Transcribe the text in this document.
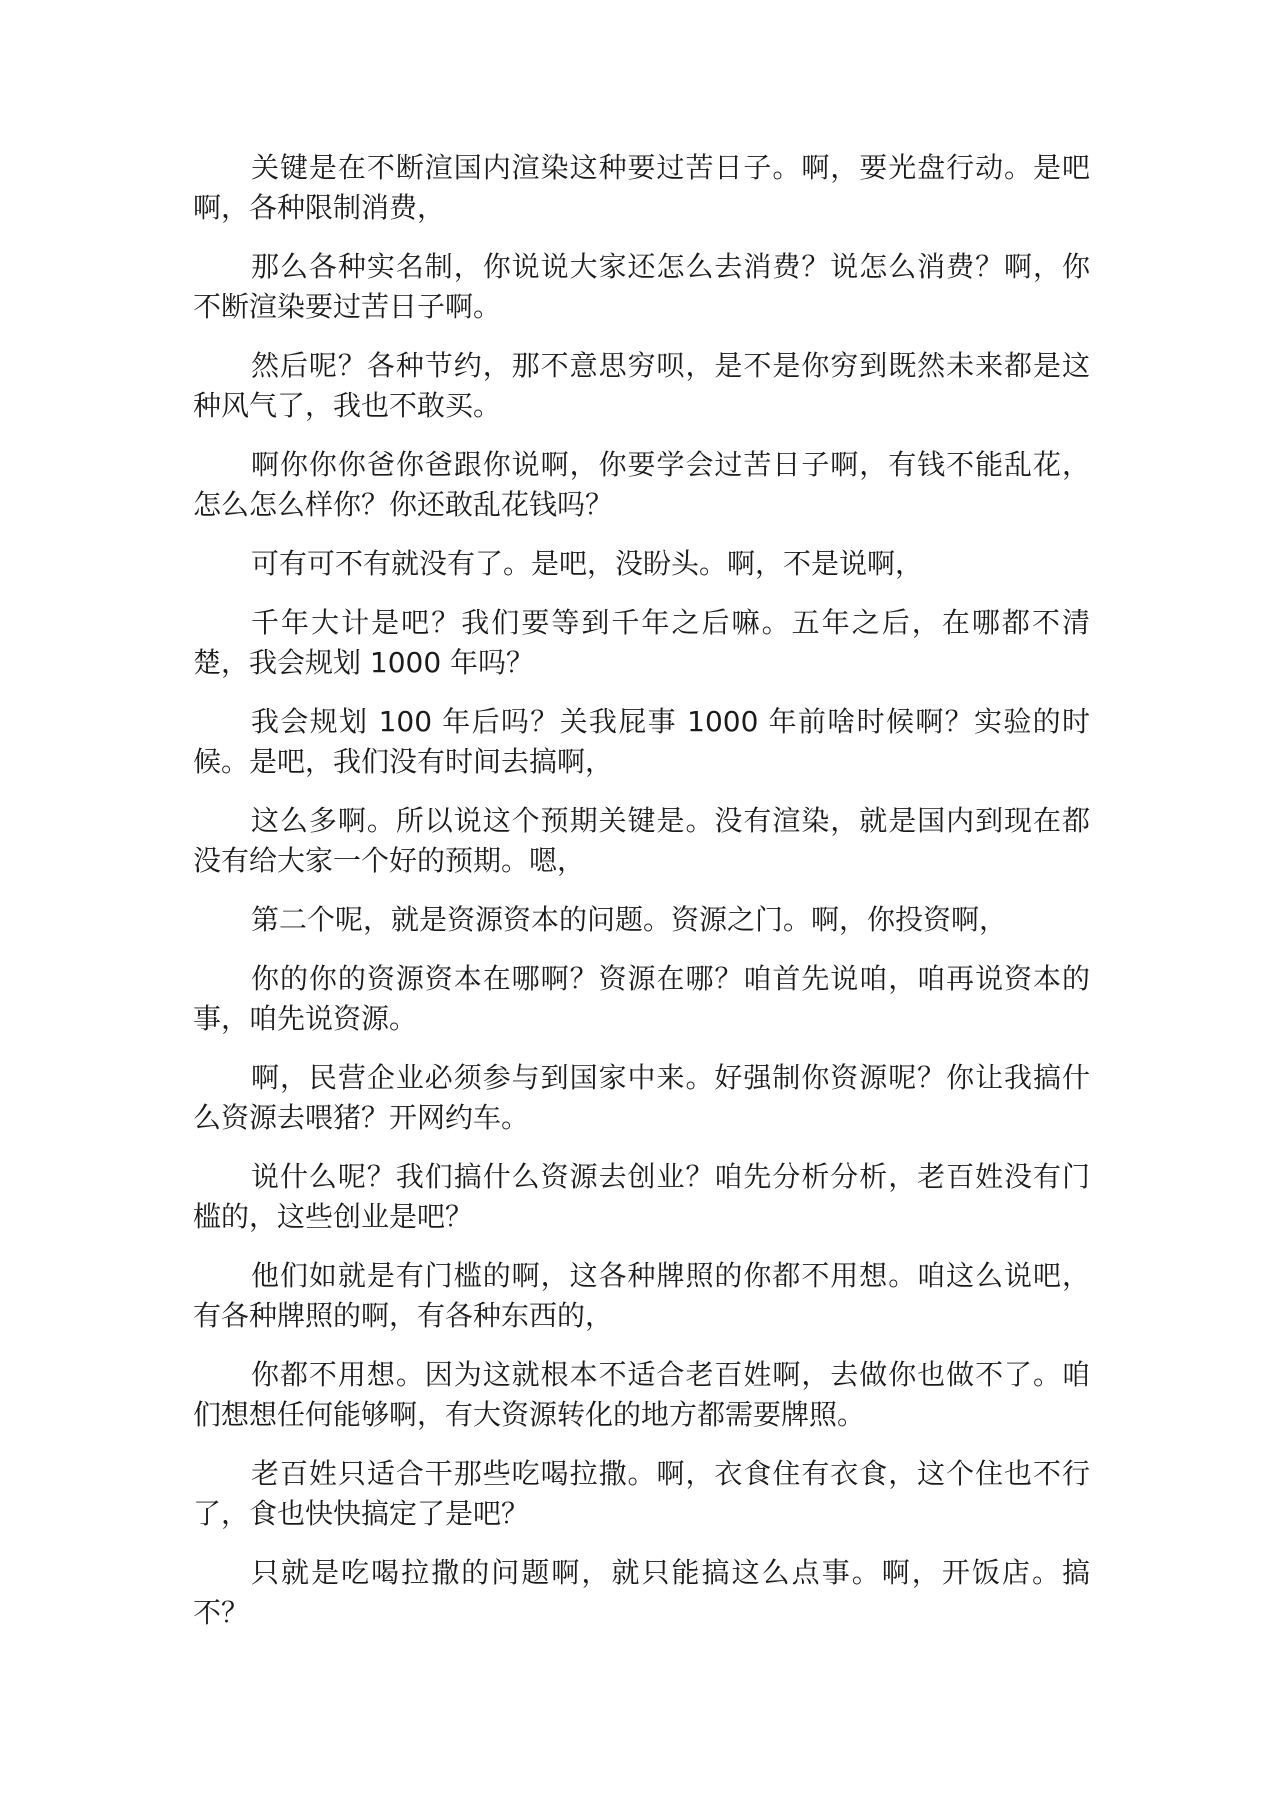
关键是在不断渲国内渲染这种要过苦日子。啊，要光盘行动。是吧啊，各种限制消费，

那么各种实名制，你说说大家还怎么去消费？说怎么消费？啊，你不断渲染要过苦日子啊。

然后呢？各种节约，那不意思穷呗，是不是你穷到既然未来都是这种风气了，我也不敢买。

啊你你你爸你爸跟你说啊，你要学会过苦日子啊，有钱不能乱花，怎么怎么样你？你还敢乱花钱吗？

可有可不有就没有了。是吧，没盼头。啊，不是说啊，

千年大计是吧？我们要等到千年之后嘛。五年之后，在哪都不清楚，我会规划 1000 年吗？

我会规划 100 年后吗？关我屁事 1000 年前啥时候啊？实验的时候。是吧，我们没有时间去搞啊，

这么多啊。所以说这个预期关键是。没有渲染，就是国内到现在都没有给大家一个好的预期。嗯，

第二个呢，就是资源资本的问题。资源之门。啊，你投资啊，

你的你的资源资本在哪啊？资源在哪？咱首先说咱，咱再说资本的事，咱先说资源。

啊，民营企业必须参与到国家中来。好强制你资源呢？你让我搞什么资源去喂猪？开网约车。

说什么呢？我们搞什么资源去创业？咱先分析分析，老百姓没有门槛的，这些创业是吧？

他们如就是有门槛的啊，这各种牌照的你都不用想。咱这么说吧，有各种牌照的啊，有各种东西的，

你都不用想。因为这就根本不适合老百姓啊，去做你也做不了。咱们想想任何能够啊，有大资源转化的地方都需要牌照。

老百姓只适合干那些吃喝拉撒。啊，衣食住有衣食，这个住也不行了，食也快快搞定了是吧？

只就是吃喝拉撒的问题啊，就只能搞这么点事。啊，开饭店。搞不？
